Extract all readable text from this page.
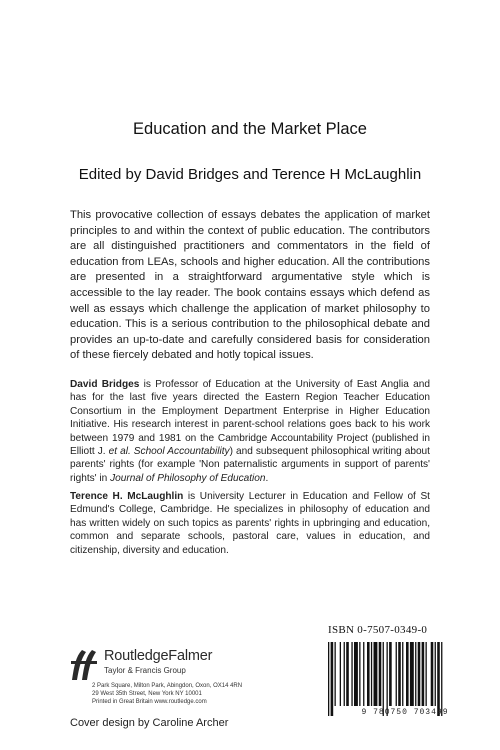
Education and the Market Place
Edited by David Bridges and Terence H McLaughlin

This provocative collection of essays debates the application of market principles to and within the context of public education. The contributors are all distinguished practitioners and commentators in the field of education from LEAs, schools and higher education. All the contributions are presented in a straightforward argumentative style which is accessible to the lay reader. The book contains essays which defend as well as essays which challenge the application of market philosophy to education. This is a serious contribution to the philosophical debate and provides an up-to-date and carefully considered basis for consideration of these fiercely debated and hotly topical issues.

David Bridges is Professor of Education at the University of East Anglia and has for the last five years directed the Eastern Region Teacher Education Consortium in the Employment Department Enterprise in Higher Education Initiative. His research interest in parent-school relations goes back to his work between 1979 and 1981 on the Cambridge Accountability Project (published in Elliott J. et al. School Accountability) and subsequent philosophical writing about parents' rights (for example 'Non paternalistic arguments in support of parents' rights' in Journal of Philosophy of Education.

Terence H. McLaughlin is University Lecturer in Education and Fellow of St Edmund's College, Cambridge. He specializes in philosophy of education and has written widely on such topics as parents' rights in upbringing and education, common and separate schools, pastoral care, values in education, and citizenship, diversity and education.

ISBN 0-7507-0349-0
9 780750 703499
RoutledgeFalmer
Taylor & Francis Group
2 Park Square, Milton Park, Abingdon, Oxon, OX14 4RN
29 West 35th Street, New York NY 10001
Printed in Great Britain www.routledge.com
Cover design by Caroline Archer
